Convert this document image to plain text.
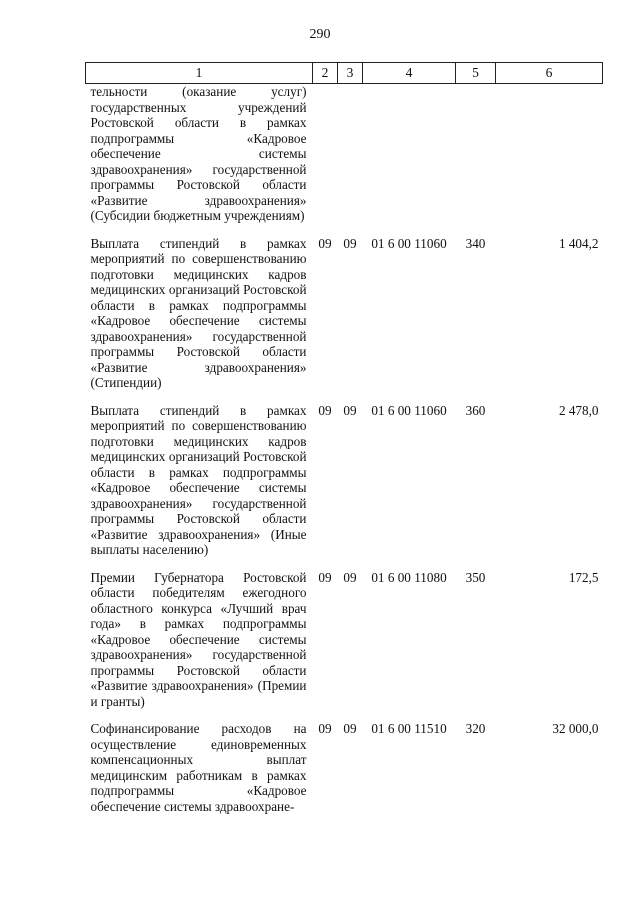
290
1	2	3	4	5	6
тельности (оказание услуг) государственных учреждений Ростовской области в рамках подпрограммы «Кадровое обеспечение системы здравоохранения» государственной программы Ростовской области «Развитие здравоохранения» (Субсидии бюджетным учреждениям)					
Выплата стипендий в рамках мероприятий по совершенствованию подготовки медицинских кадров медицинских организаций Ростовской области в рамках подпрограммы «Кадровое обеспечение системы здравоохранения» государственной программы Ростовской области «Развитие здравоохранения» (Стипендии)	09	09	01 6 00 11060	340	1 404,2
Выплата стипендий в рамках мероприятий по совершенствованию подготовки медицинских кадров медицинских организаций Ростовской области в рамках подпрограммы «Кадровое обеспечение системы здравоохранения» государственной программы Ростовской области «Развитие здравоохранения» (Иные выплаты населению)	09	09	01 6 00 11060	360	2 478,0
Премии Губернатора Ростовской области победителям ежегодного областного конкурса «Лучший врач года» в рамках подпрограммы «Кадровое обеспечение системы здравоохранения» государственной программы Ростовской области «Развитие здравоохранения» (Премии и гранты)	09	09	01 6 00 11080	350	172,5
Софинансирование расходов на осуществление единовременных компенсационных выплат медицинским работникам в рамках подпрограммы «Кадровое обеспечение системы здравоохране-	09	09	01 6 00 11510	320	32 000,0
